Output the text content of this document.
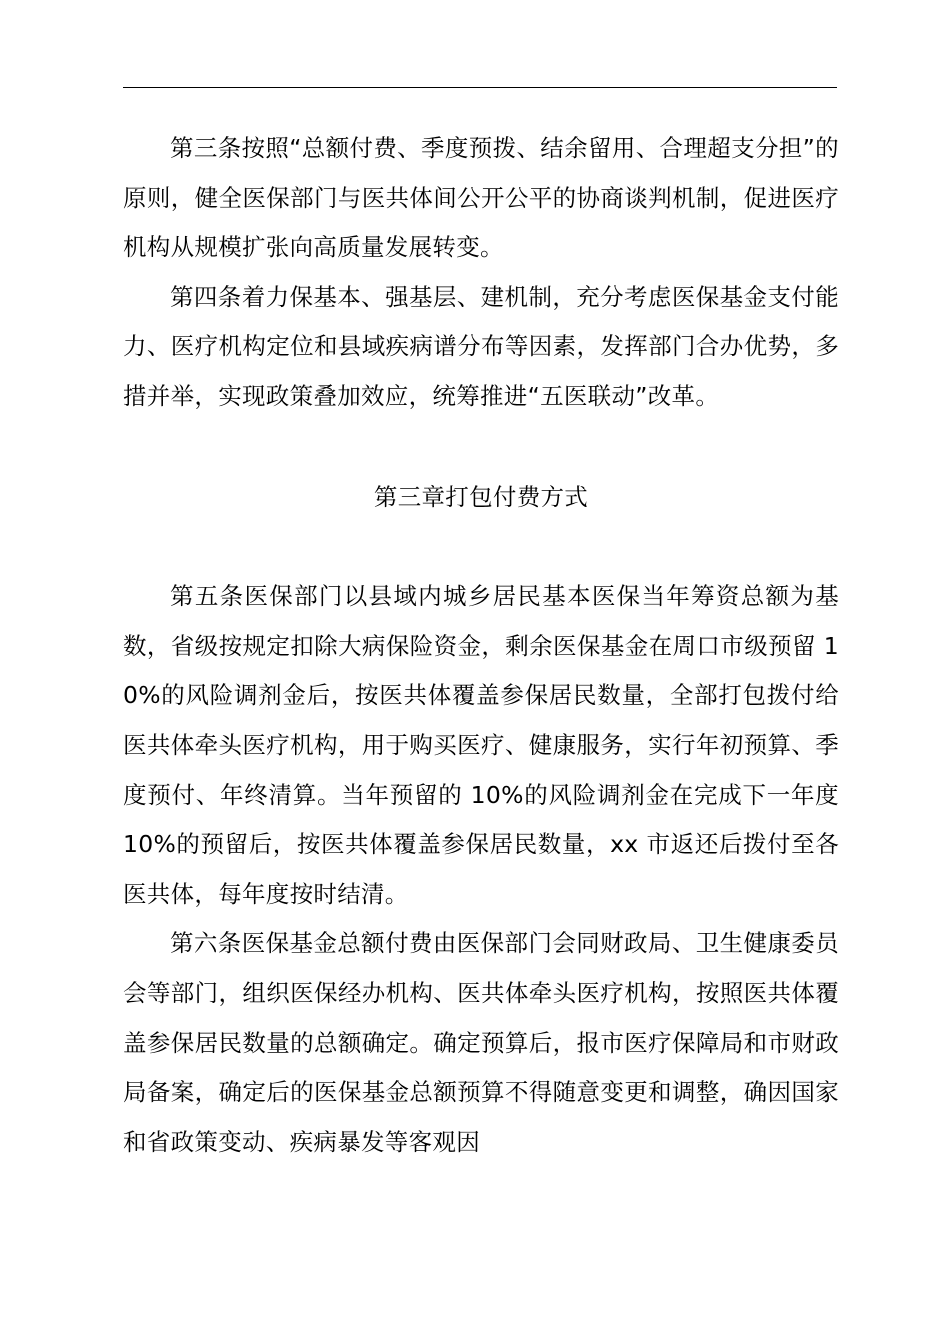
第三条按照“总额付费、季度预拨、结余留用、合理超支分担”的原则，健全医保部门与医共体间公开公平的协商谈判机制，促进医疗机构从规模扩张向高质量发展转变。

第四条着力保基本、强基层、建机制，充分考虑医保基金支付能力、医疗机构定位和县域疾病谱分布等因素，发挥部门合办优势，多措并举，实现政策叠加效应，统筹推进“五医联动”改革。

第三章打包付费方式

第五条医保部门以县域内城乡居民基本医保当年筹资总额为基数，省级按规定扣除大病保险资金，剩余医保基金在周口市级预留 10%的风险调剂金后，按医共体覆盖参保居民数量，全部打包拨付给医共体牵头医疗机构，用于购买医疗、健康服务，实行年初预算、季度预付、年终清算。当年预留的 10%的风险调剂金在完成下一年度 10%的预留后，按医共体覆盖参保居民数量，xx 市返还后拨付至各医共体，每年度按时结清。

第六条医保基金总额付费由医保部门会同财政局、卫生健康委员会等部门，组织医保经办机构、医共体牵头医疗机构，按照医共体覆盖参保居民数量的总额确定。确定预算后，报市医疗保障局和市财政局备案，确定后的医保基金总额预算不得随意变更和调整，确因国家和省政策变动、疾病暴发等客观因
